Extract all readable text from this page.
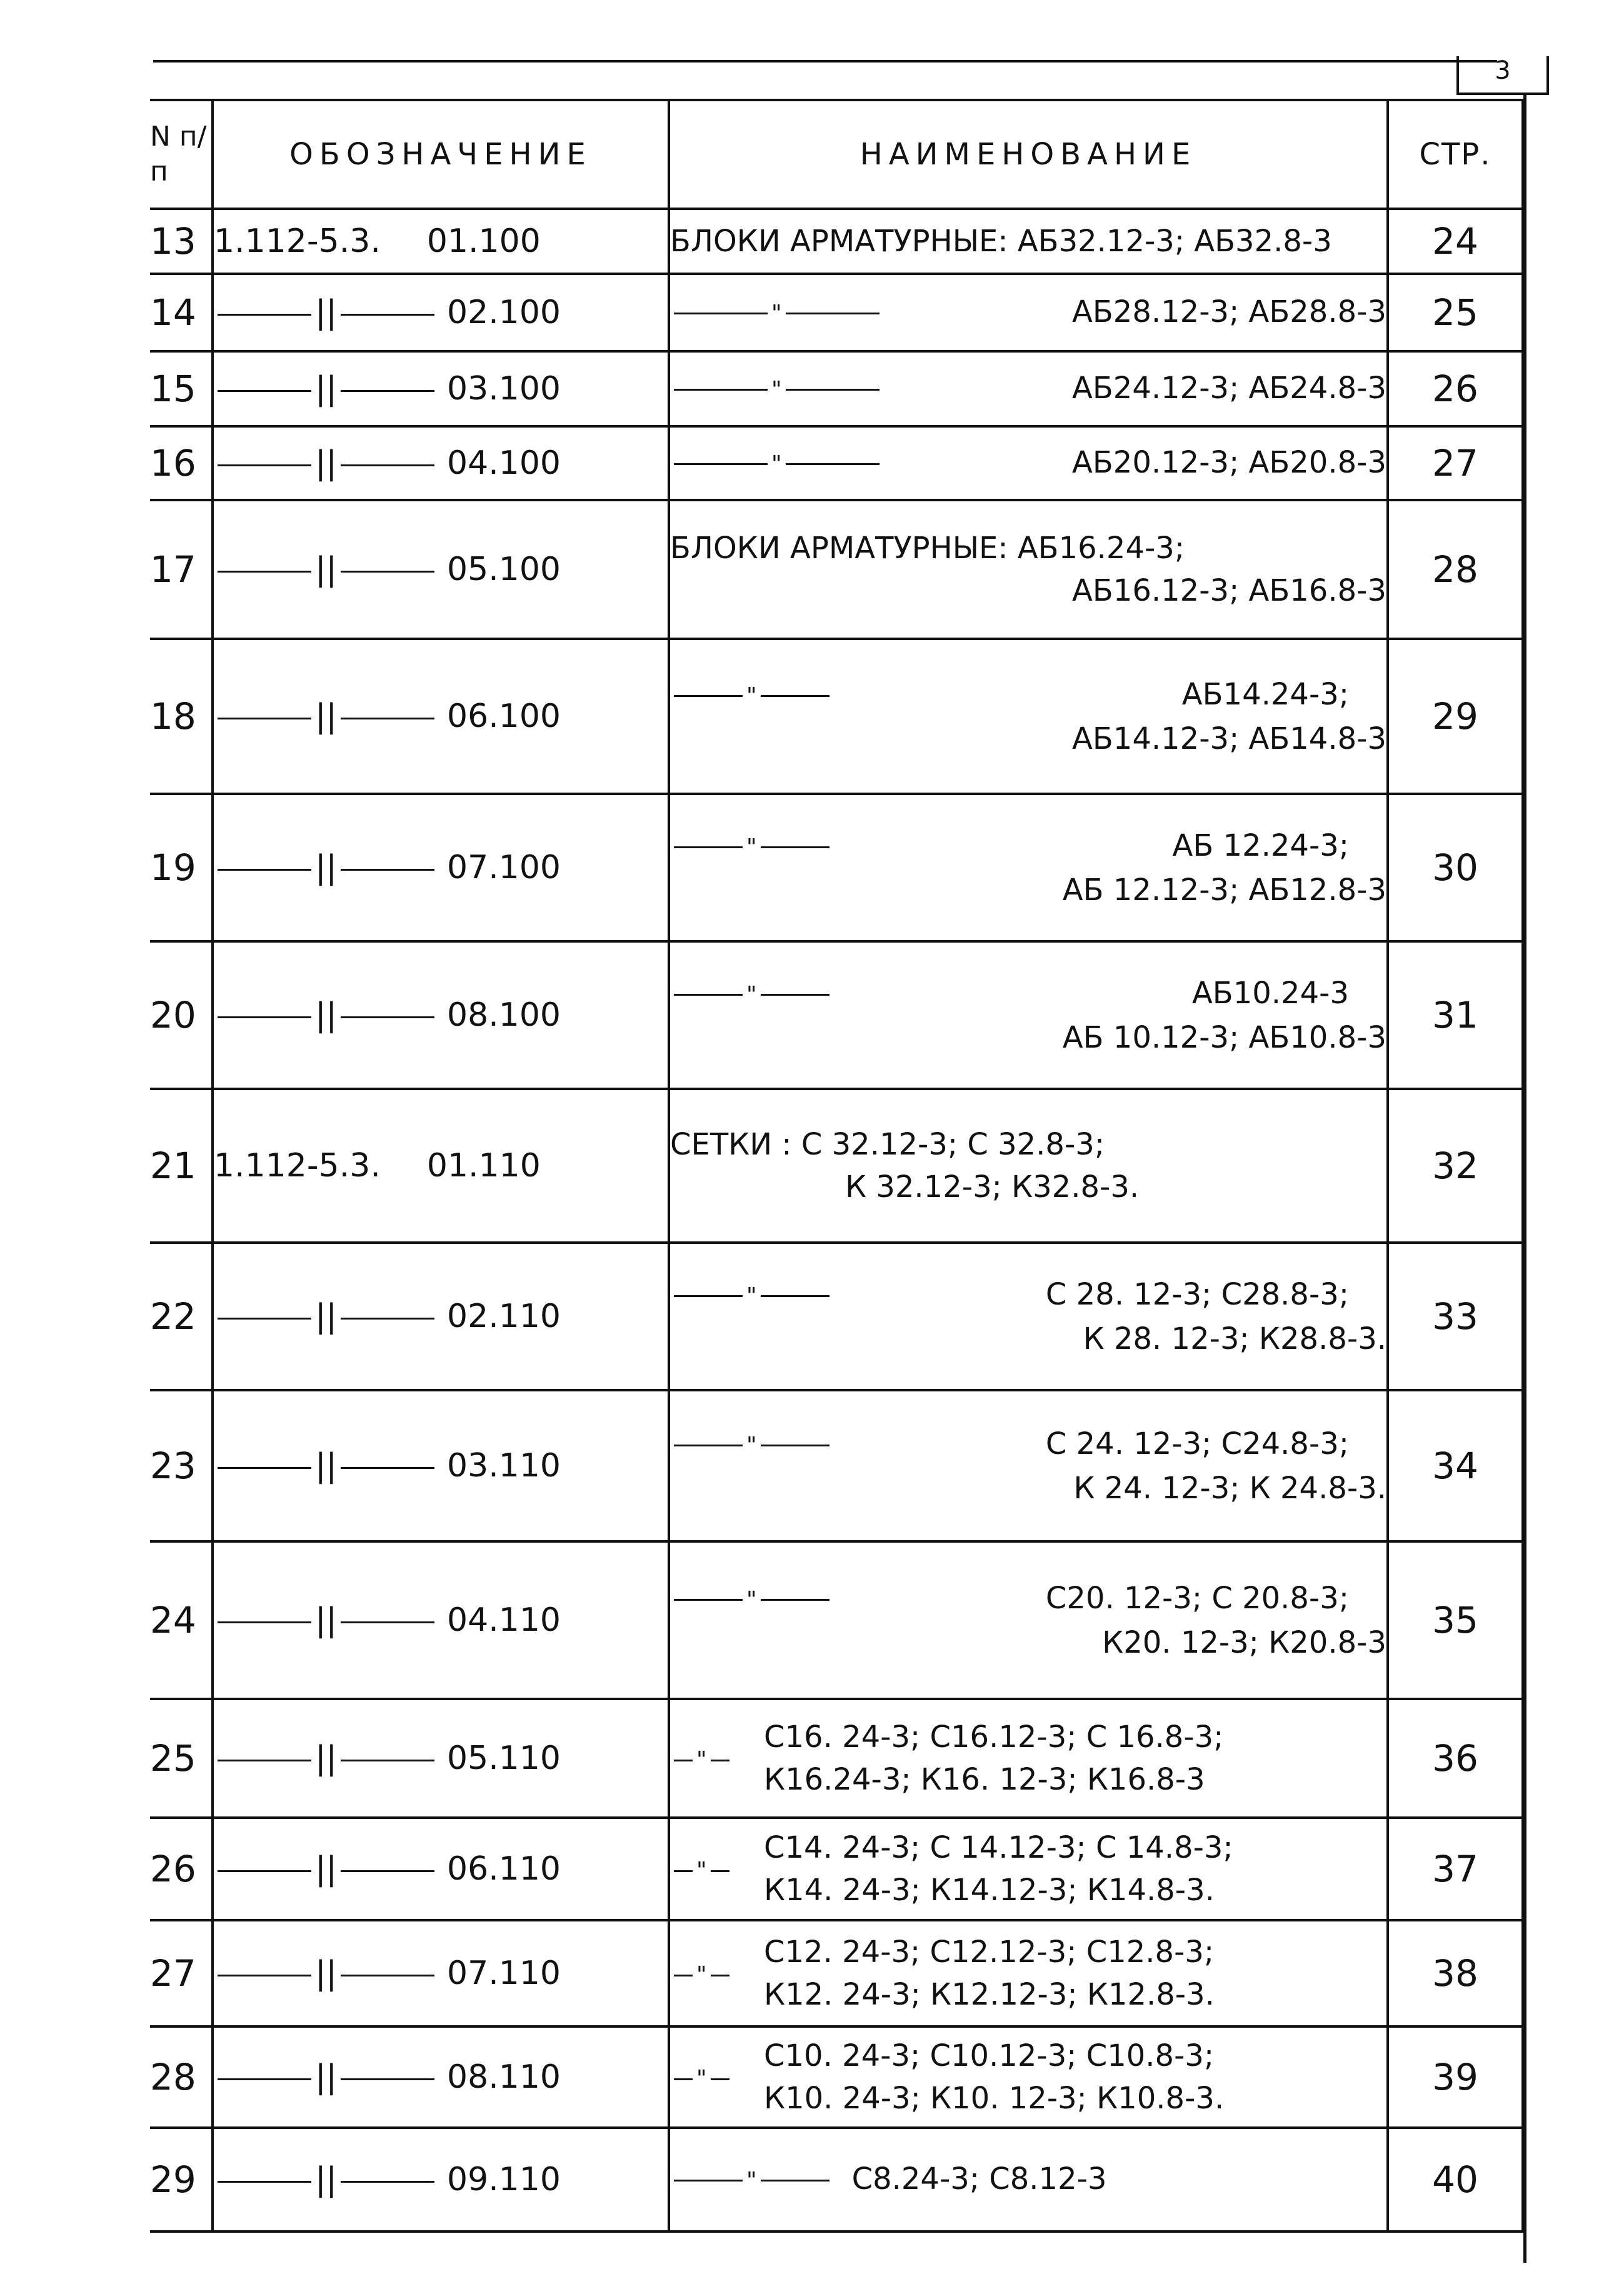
3
N п/п	ОБОЗНАЧЕНИЕ	НАИМЕНОВАНИЕ	СТР.
13	1.112-5.3. 01.100	БЛОКИ АРМАТУРНЫЕ: АБ32.12-3; АБ32.8-3	24
14	|| 02.100	" АБ28.12-3; АБ28.8-3	25
15	|| 03.100	" АБ24.12-3; АБ24.8-3	26
16	|| 04.100	" АБ20.12-3; АБ20.8-3	27
17	|| 05.100	БЛОКИ АРМАТУРНЫЕ: АБ16.24-3;
АБ16.12-3; АБ16.8-3	28
18	|| 06.100	" АБ14.24-3;
АБ14.12-3; АБ14.8-3	29
19	|| 07.100	" АБ 12.24-3;
АБ 12.12-3; АБ12.8-3	30
20	|| 08.100	" АБ10.24-3
АБ 10.12-3; АБ10.8-3	31
21	1.112-5.3. 01.110	СЕТКИ : С 32.12-3; С 32.8-3;
К 32.12-3; К32.8-3.	32
22	|| 02.110	" С 28. 12-3; С28.8-3;
К 28. 12-3; К28.8-3.	33
23	|| 03.110	" С 24. 12-3; С24.8-3;
К 24. 12-3; К 24.8-3.	34
24	|| 04.110	" С20. 12-3; С 20.8-3;
К20. 12-3; К20.8-3	35
25	|| 05.110	"
С16. 24-3; С16.12-3; С 16.8-3;
К16.24-3; К16. 12-3; К16.8-3	36
26	|| 06.110	"
С14. 24-3; С 14.12-3; С 14.8-3;
К14. 24-3; К14.12-3; К14.8-3.	37
27	|| 07.110	"
С12. 24-3; С12.12-3; С12.8-3;
К12. 24-3; К12.12-3; К12.8-3.	38
28	|| 08.110	"
С10. 24-3; С10.12-3; С10.8-3;
К10. 24-3; К10. 12-3; К10.8-3.	39
29	|| 09.110	" С8.24-3; С8.12-3	40
